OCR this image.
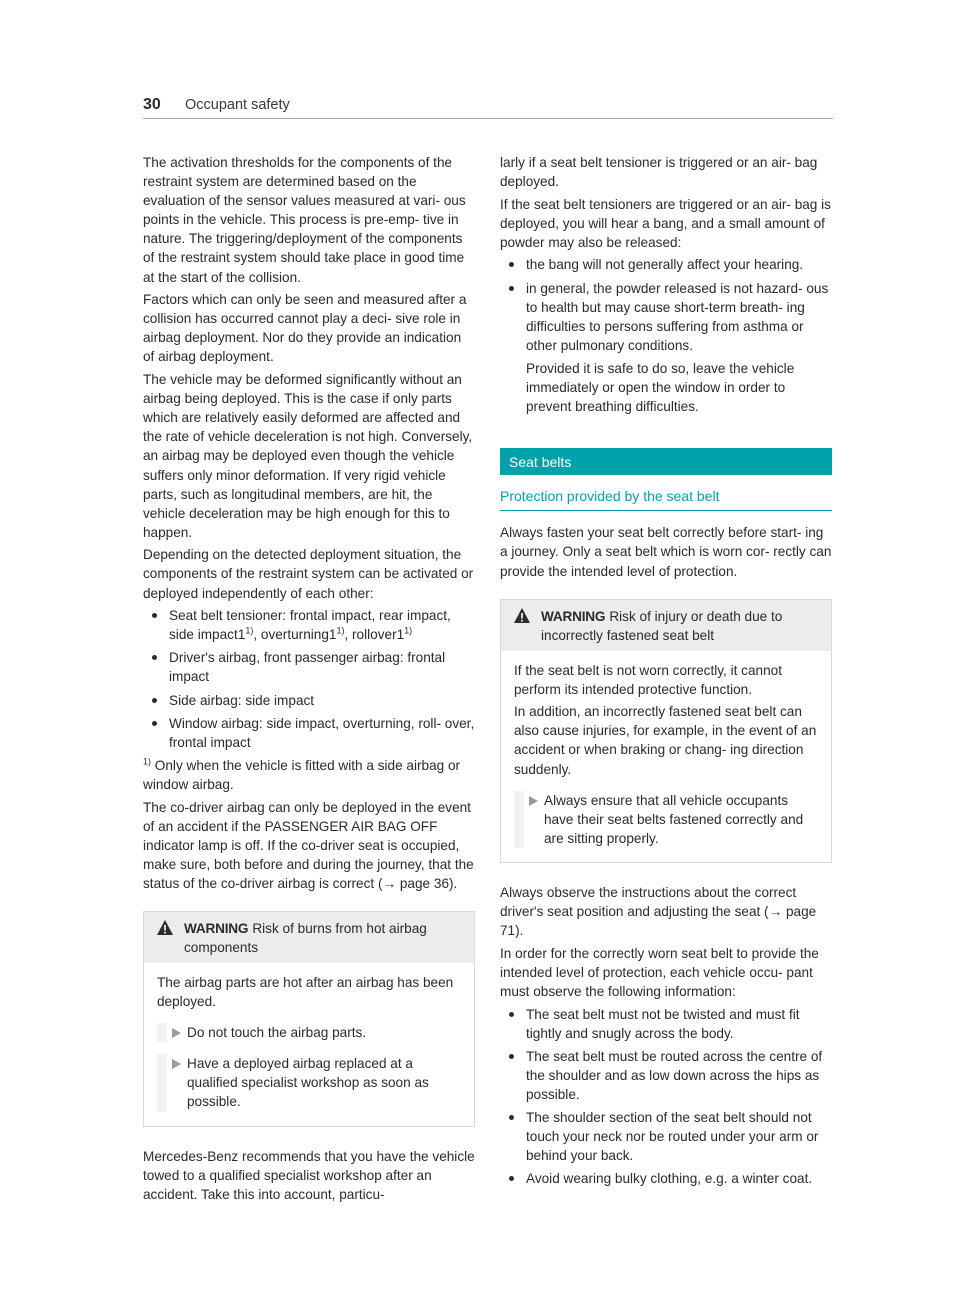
30 Occupant safety

The activation thresholds for the components of the restraint system are determined based on the evaluation of the sensor values measured at vari- ous points in the vehicle. This process is pre-emp- tive in nature. The triggering/deployment of the components of the restraint system should take place in good time at the start of the collision.

Factors which can only be seen and measured after a collision has occurred cannot play a deci- sive role in airbag deployment. Nor do they provide an indication of airbag deployment.

The vehicle may be deformed significantly without an airbag being deployed. This is the case if only parts which are relatively easily deformed are affected and the rate of vehicle deceleration is not high. Conversely, an airbag may be deployed even though the vehicle suffers only minor deformation. If very rigid vehicle parts, such as longitudinal members, are hit, the vehicle deceleration may be high enough for this to happen.

Depending on the detected deployment situation, the components of the restraint system can be activated or deployed independently of each other:

Seat belt tensioner: frontal impact, rear impact, side impact1$^{1)}$, overturning1$^{1)}$, rollover1$^{1)}$
Driver's airbag, front passenger airbag: frontal impact
Side airbag: side impact
Window airbag: side impact, overturning, roll- over, frontal impact

$^{1)}$ Only when the vehicle is fitted with a side airbag or window airbag.

The co-driver airbag can only be deployed in the event of an accident if the PASSENGER AIR BAG OFF indicator lamp is off. If the co-driver seat is occupied, make sure, both before and during the journey, that the status of the co-driver airbag is correct (→ page 36).

WARNING Risk of burns from hot airbag components

The airbag parts are hot after an airbag has been deployed.

Do not touch the airbag parts.
Have a deployed airbag replaced at a qualified specialist workshop as soon as possible.

Mercedes-Benz recommends that you have the vehicle towed to a qualified specialist workshop after an accident. Take this into account, particu-

larly if a seat belt tensioner is triggered or an air- bag deployed.

If the seat belt tensioners are triggered or an air- bag is deployed, you will hear a bang, and a small amount of powder may also be released:

the bang will not generally affect your hearing.
in general, the powder released is not hazard- ous to health but may cause short-term breath- ing difficulties to persons suffering from asthma or other pulmonary conditions.
Provided it is safe to do so, leave the vehicle immediately or open the window in order to prevent breathing difficulties.
Seat belts
Protection provided by the seat belt

Always fasten your seat belt correctly before start- ing a journey. Only a seat belt which is worn cor- rectly can provide the intended level of protection.

WARNING Risk of injury or death due to incorrectly fastened seat belt

If the seat belt is not worn correctly, it cannot perform its intended protective function.

In addition, an incorrectly fastened seat belt can also cause injuries, for example, in the event of an accident or when braking or chang- ing direction suddenly.

Always ensure that all vehicle occupants have their seat belts fastened correctly and are sitting properly.

Always observe the instructions about the correct driver's seat position and adjusting the seat (→ page 71).

In order for the correctly worn seat belt to provide the intended level of protection, each vehicle occu- pant must observe the following information:

The seat belt must not be twisted and must fit tightly and snugly across the body.
The seat belt must be routed across the centre of the shoulder and as low down across the hips as possible.
The shoulder section of the seat belt should not touch your neck nor be routed under your arm or behind your back.
Avoid wearing bulky clothing, e.g. a winter coat.
